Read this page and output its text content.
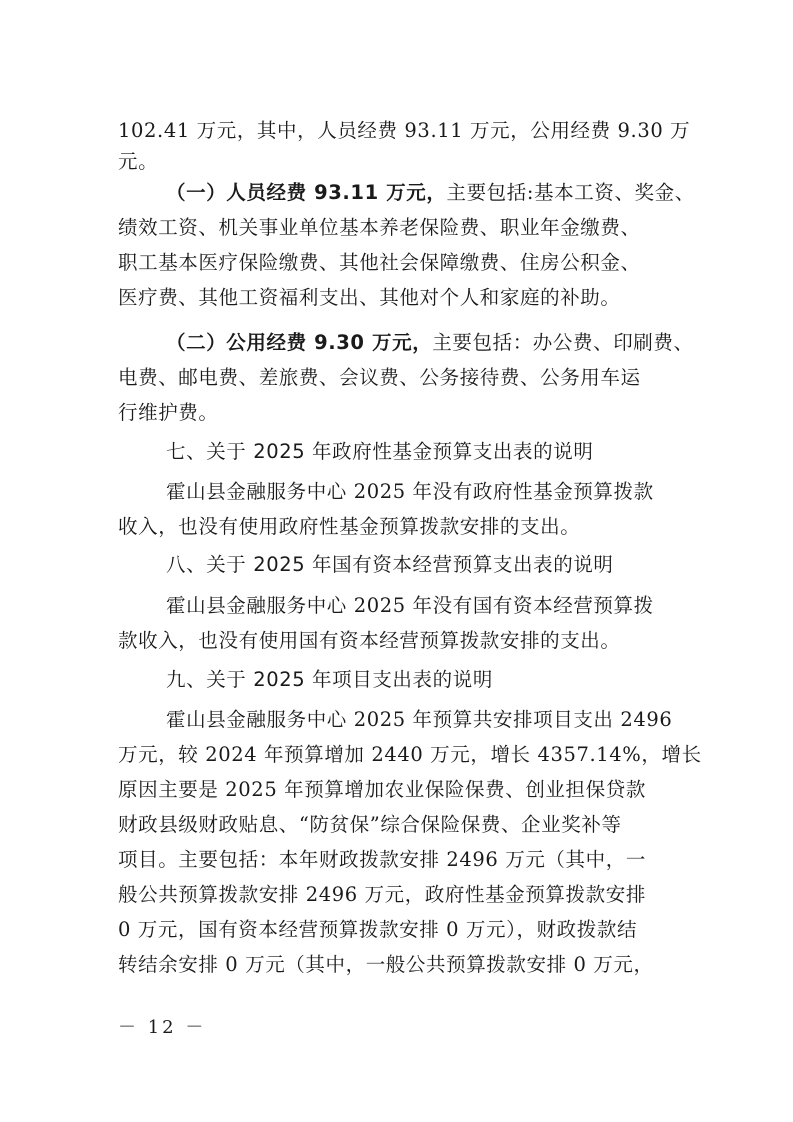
102.41 万元，其中，人员经费 93.11 万元，公用经费 9.30 万
元。
（一）人员经费 93.11 万元，主要包括:基本工资、奖金、
绩效工资、机关事业单位基本养老保险费、职业年金缴费、
职工基本医疗保险缴费、其他社会保障缴费、住房公积金、
医疗费、其他工资福利支出、其他对个人和家庭的补助。
（二）公用经费 9.30 万元，主要包括：办公费、印刷费、
电费、邮电费、差旅费、会议费、公务接待费、公务用车运
行维护费。
七、关于 2025 年政府性基金预算支出表的说明
霍山县金融服务中心 2025 年没有政府性基金预算拨款
收入，也没有使用政府性基金预算拨款安排的支出。
八、关于 2025 年国有资本经营预算支出表的说明
霍山县金融服务中心 2025 年没有国有资本经营预算拨
款收入，也没有使用国有资本经营预算拨款安排的支出。
九、关于 2025 年项目支出表的说明
霍山县金融服务中心 2025 年预算共安排项目支出 2496
万元，较 2024 年预算增加 2440 万元，增长 4357.14%，增长
原因主要是 2025 年预算增加农业保险保费、创业担保贷款
财政县级财政贴息、“防贫保”综合保险保费、企业奖补等
项目。主要包括：本年财政拨款安排 2496 万元（其中，一
般公共预算拨款安排 2496 万元，政府性基金预算拨款安排
0 万元，国有资本经营预算拨款安排 0 万元），财政拨款结
转结余安排 0 万元（其中，一般公共预算拨款安排 0 万元，
－ 12 －
